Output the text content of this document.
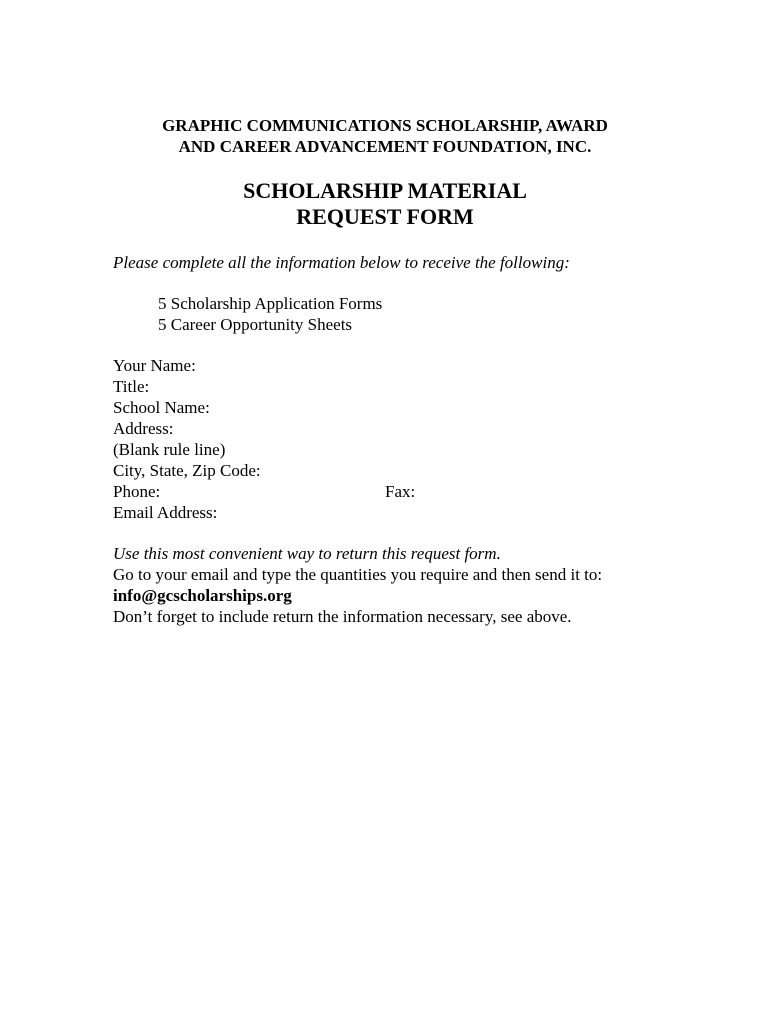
GRAPHIC COMMUNICATIONS SCHOLARSHIP, AWARD
AND CAREER ADVANCEMENT FOUNDATION, INC.
SCHOLARSHIP MATERIAL
REQUEST FORM
Please complete all the information below to receive the following:
5 Scholarship Application Forms
5 Career Opportunity Sheets
Your Name:
Title:
School Name:
Address:
(Blank rule line)
City, State, Zip Code:
Phone:	Fax:
Email Address:
Use this most convenient way to return this request form.
Go to your email and type the quantities you require and then send it to:
info@gcscholarships.org
Don’t forget to include return the information necessary, see above.
